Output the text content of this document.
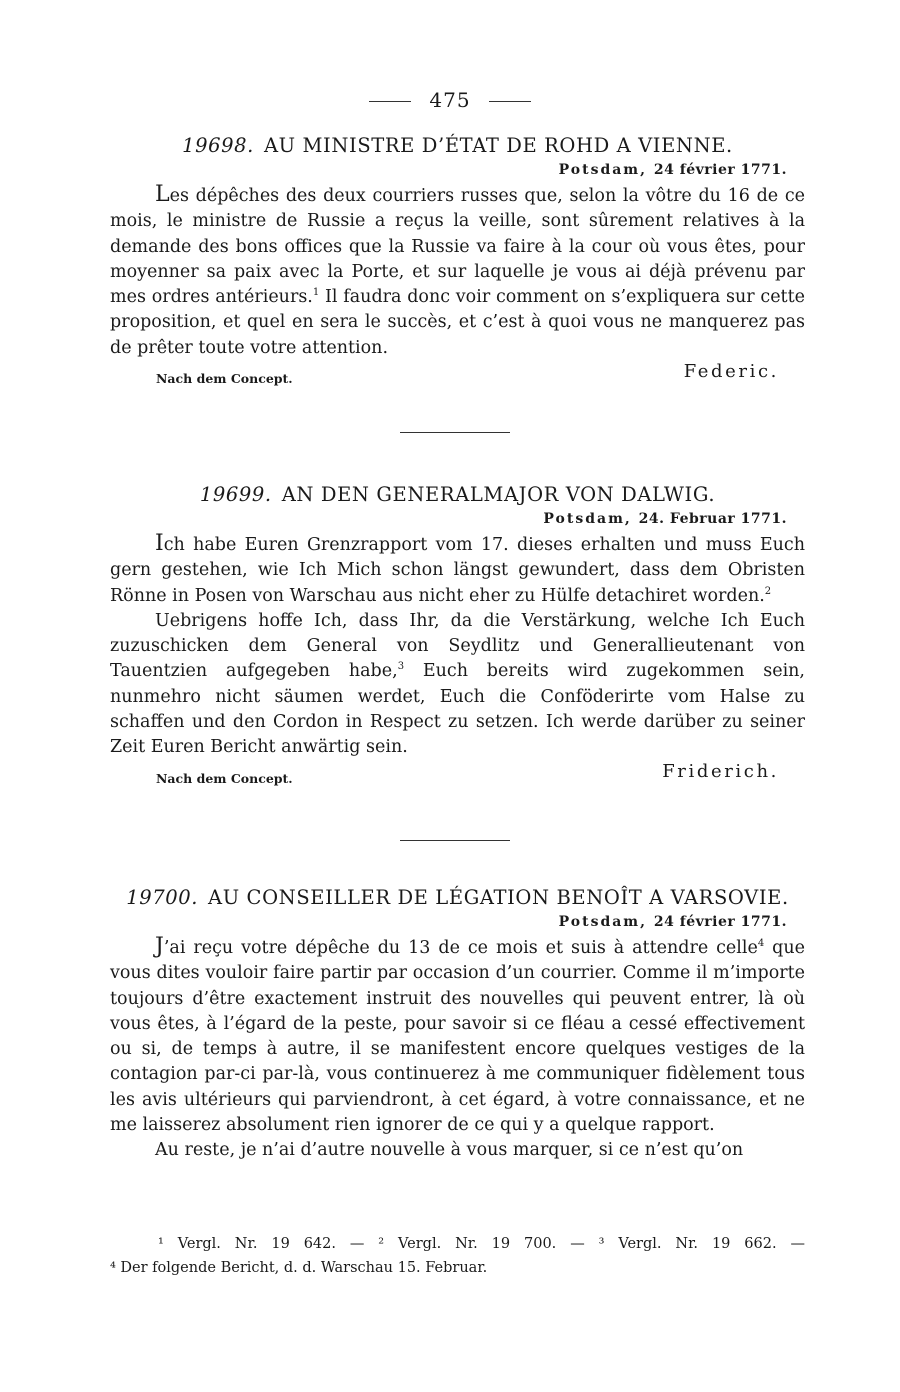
475
19698. AU MINISTRE D’ÉTAT DE ROHD A VIENNE.
Potsdam, 24 février 1771.

Les dépêches des deux courriers russes que, selon la vôtre du 16 de ce mois, le ministre de Russie a reçus la veille, sont sûrement relatives à la demande des bons offices que la Russie va faire à la cour où vous êtes, pour moyenner sa paix avec la Porte, et sur laquelle je vous ai déjà prévenu par mes ordres antérieurs.$^1$ Il faudra donc voir comment on s’expliquera sur cette proposition, et quel en sera le succès, et c’est à quoi vous ne manquerez pas de prêter toute votre attention.

Nach dem Concept.	Federic.
19699. AN DEN GENERALMAJOR VON DALWIG.
Potsdam, 24. Februar 1771.

Ich habe Euren Grenzrapport vom 17. dieses erhalten und muss Euch gern gestehen, wie Ich Mich schon längst gewundert, dass dem Obristen Rönne in Posen von Warschau aus nicht eher zu Hülfe detachiret worden.$^2$

Uebrigens hoffe Ich, dass Ihr, da die Verstärkung, welche Ich Euch zuzuschicken dem General von Seydlitz und Generallieutenant von Tauentzien aufgegeben habe,$^3$ Euch bereits wird zugekommen sein, nunmehro nicht säumen werdet, Euch die Conföderirte vom Halse zu schaffen und den Cordon in Respect zu setzen. Ich werde darüber zu seiner Zeit Euren Bericht anwärtig sein.

Nach dem Concept.	Friderich.
19700. AU CONSEILLER DE LÉGATION BENOÎT A VARSOVIE.
Potsdam, 24 février 1771.

J’ai reçu votre dépêche du 13 de ce mois et suis à attendre celle$^4$ que vous dites vouloir faire partir par occasion d’un courrier. Comme il m’importe toujours d’être exactement instruit des nouvelles qui peuvent entrer, là où vous êtes, à l’égard de la peste, pour savoir si ce fléau a cessé effectivement ou si, de temps à autre, il se manifestent encore quelques vestiges de la contagion par-ci par-là, vous continuerez à me communiquer fidèlement tous les avis ultérieurs qui parviendront, à cet égard, à votre connaissance, et ne me laisserez absolument rien ignorer de ce qui y a quelque rapport.

Au reste, je n’ai d’autre nouvelle à vous marquer, si ce n’est qu’on

¹ Vergl. Nr. 19 642. — ² Vergl. Nr. 19 700. — ³ Vergl. Nr. 19 662. —
⁴ Der folgende Bericht, d. d. Warschau 15. Februar.
